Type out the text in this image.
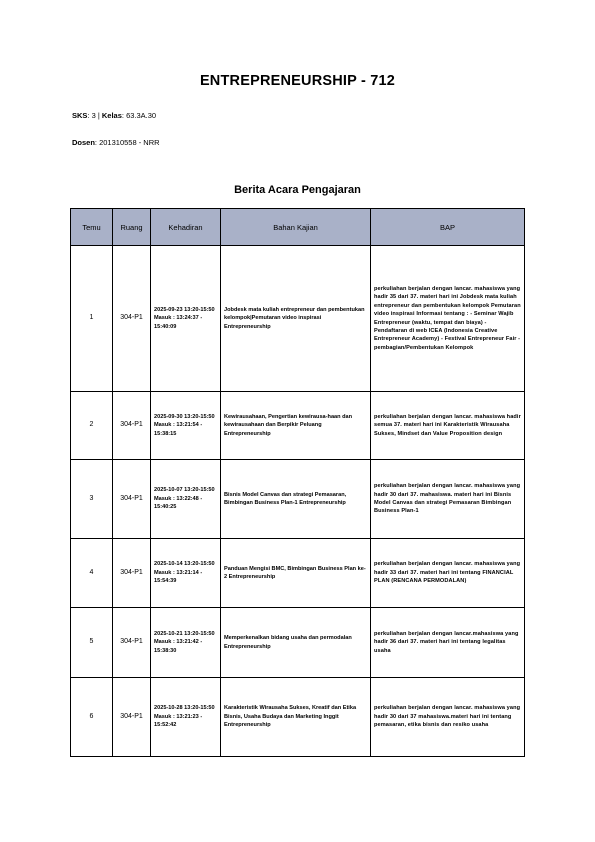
ENTREPRENEURSHIP - 712
SKS: 3 | Kelas: 63.3A.30
Dosen: 201310558 - NRR
Berita Acara Pengajaran
Temu	Ruang	Kehadiran	Bahan Kajian	BAP
1	304-P1	2025-09-23 13:20-15:50 Masuk : 13:24:37 - 15:40:09	Jobdesk mata kuliah entrepreneur dan pembentukan kelompok|Pemutaran video inspirasi Entrepreneurship	perkuliahan berjalan dengan lancar. mahasiswa yang hadir 35 dari 37. materi hari ini Jobdesk mata kuliah entrepreneur dan pembentukan kelompok Pemutaran video inspirasi Informasi tentang : - Seminar Wajib Entrepreneur (waktu, tempat dan biaya) - Pendaftaran di web ICEA (Indonesia Creative Entrepreneur Academy) - Festival Entrepreneur Fair - pembagian/Pembentukan Kelompok
2	304-P1	2025-09-30 13:20-15:50 Masuk : 13:21:54 - 15:38:15	Kewirausahaan, Pengertian kewirausa-haan dan kewirausahaan dan Berpikir Peluang Entrepreneurship	perkuliahan berjalan dengan lancar. mahasiswa hadir semua 37. materi hari ini Karakteristik Wirausaha Sukses, Mindset dan Value Proposition design
3	304-P1	2025-10-07 13:20-15:50 Masuk : 13:22:48 - 15:40:25	Bisnis Model Canvas dan strategi Pemasaran, Bimbingan Business Plan-1 Entrepreneurship	perkuliahan berjalan dengan lancar. mahasiswa yang hadir 30 dari 37. mahasiswa. materi hari ini Bisnis Model Canvas dan strategi Pemasaran Bimbingan Business Plan-1
4	304-P1	2025-10-14 13:20-15:50 Masuk : 13:21:14 - 15:54:39	Panduan Mengisi BMC, Bimbingan Business Plan ke-2 Entrepreneurship	perkuliahan berjalan dengan lancar. mahasiswa yang hadir 33 dari 37. materi hari ini tentang FINANCIAL PLAN (RENCANA PERMODALAN)
5	304-P1	2025-10-21 13:20-15:50 Masuk : 13:21:42 - 15:38:30	Memperkenalkan bidang usaha dan permodalan Entrepreneurship	perkuliahan berjalan dengan lancar.mahasiswa yang hadir 36 dari 37. materi hari ini tentang legalitas usaha
6	304-P1	2025-10-28 13:20-15:50 Masuk : 13:21:23 - 15:52:42	Karakteristik Wirausaha Sukses, Kreatif dan Etika Bisnis, Usaha Budaya dan Marketing Inggit Entrepreneurship	perkuliahan berjalan dengan lancar. mahasiswa yang hadir 30 dari 37 mahasiswa.materi hari ini tentang pemasaran, etika bisnis dan resiko usaha
